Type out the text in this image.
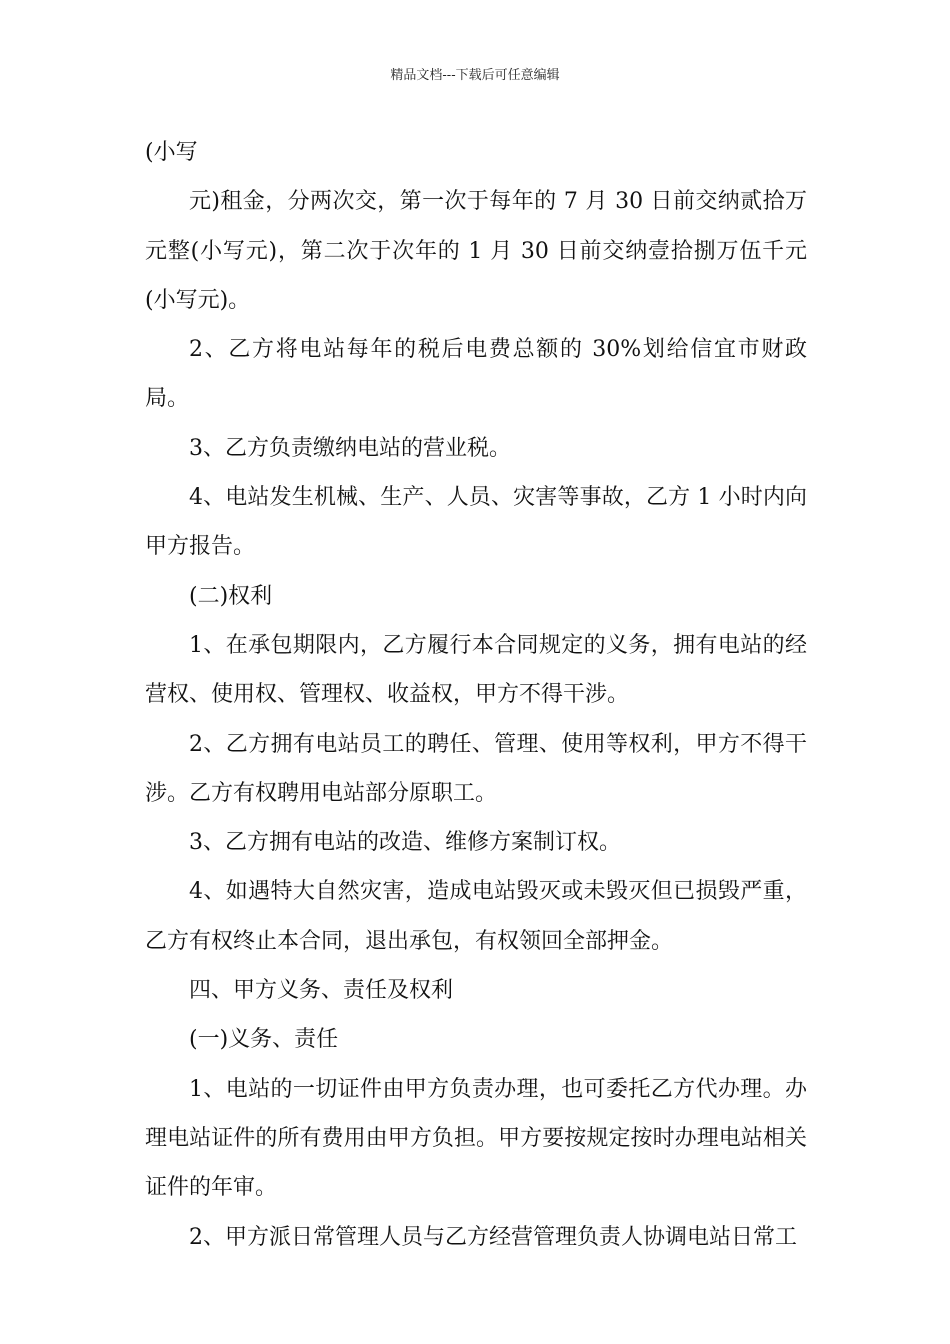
精品文档---下载后可任意编辑

(小写

元)租金，分两次交，第一次于每年的 7 月 30 日前交纳贰拾万元整(小写元)，第二次于次年的 1 月 30 日前交纳壹拾捌万伍千元(小写元)。

2、乙方将电站每年的税后电费总额的 30%划给信宜市财政局。

3、乙方负责缴纳电站的营业税。

4、电站发生机械、生产、人员、灾害等事故，乙方 1 小时内向甲方报告。

(二)权利

1、在承包期限内，乙方履行本合同规定的义务，拥有电站的经营权、使用权、管理权、收益权，甲方不得干涉。

2、乙方拥有电站员工的聘任、管理、使用等权利，甲方不得干涉。乙方有权聘用电站部分原职工。

3、乙方拥有电站的改造、维修方案制订权。

4、如遇特大自然灾害，造成电站毁灭或未毁灭但已损毁严重，乙方有权终止本合同，退出承包，有权领回全部押金。

四、甲方义务、责任及权利

(一)义务、责任

1、电站的一切证件由甲方负责办理，也可委托乙方代办理。办理电站证件的所有费用由甲方负担。甲方要按规定按时办理电站相关证件的年审。

2、甲方派日常管理人员与乙方经营管理负责人协调电站日常工
